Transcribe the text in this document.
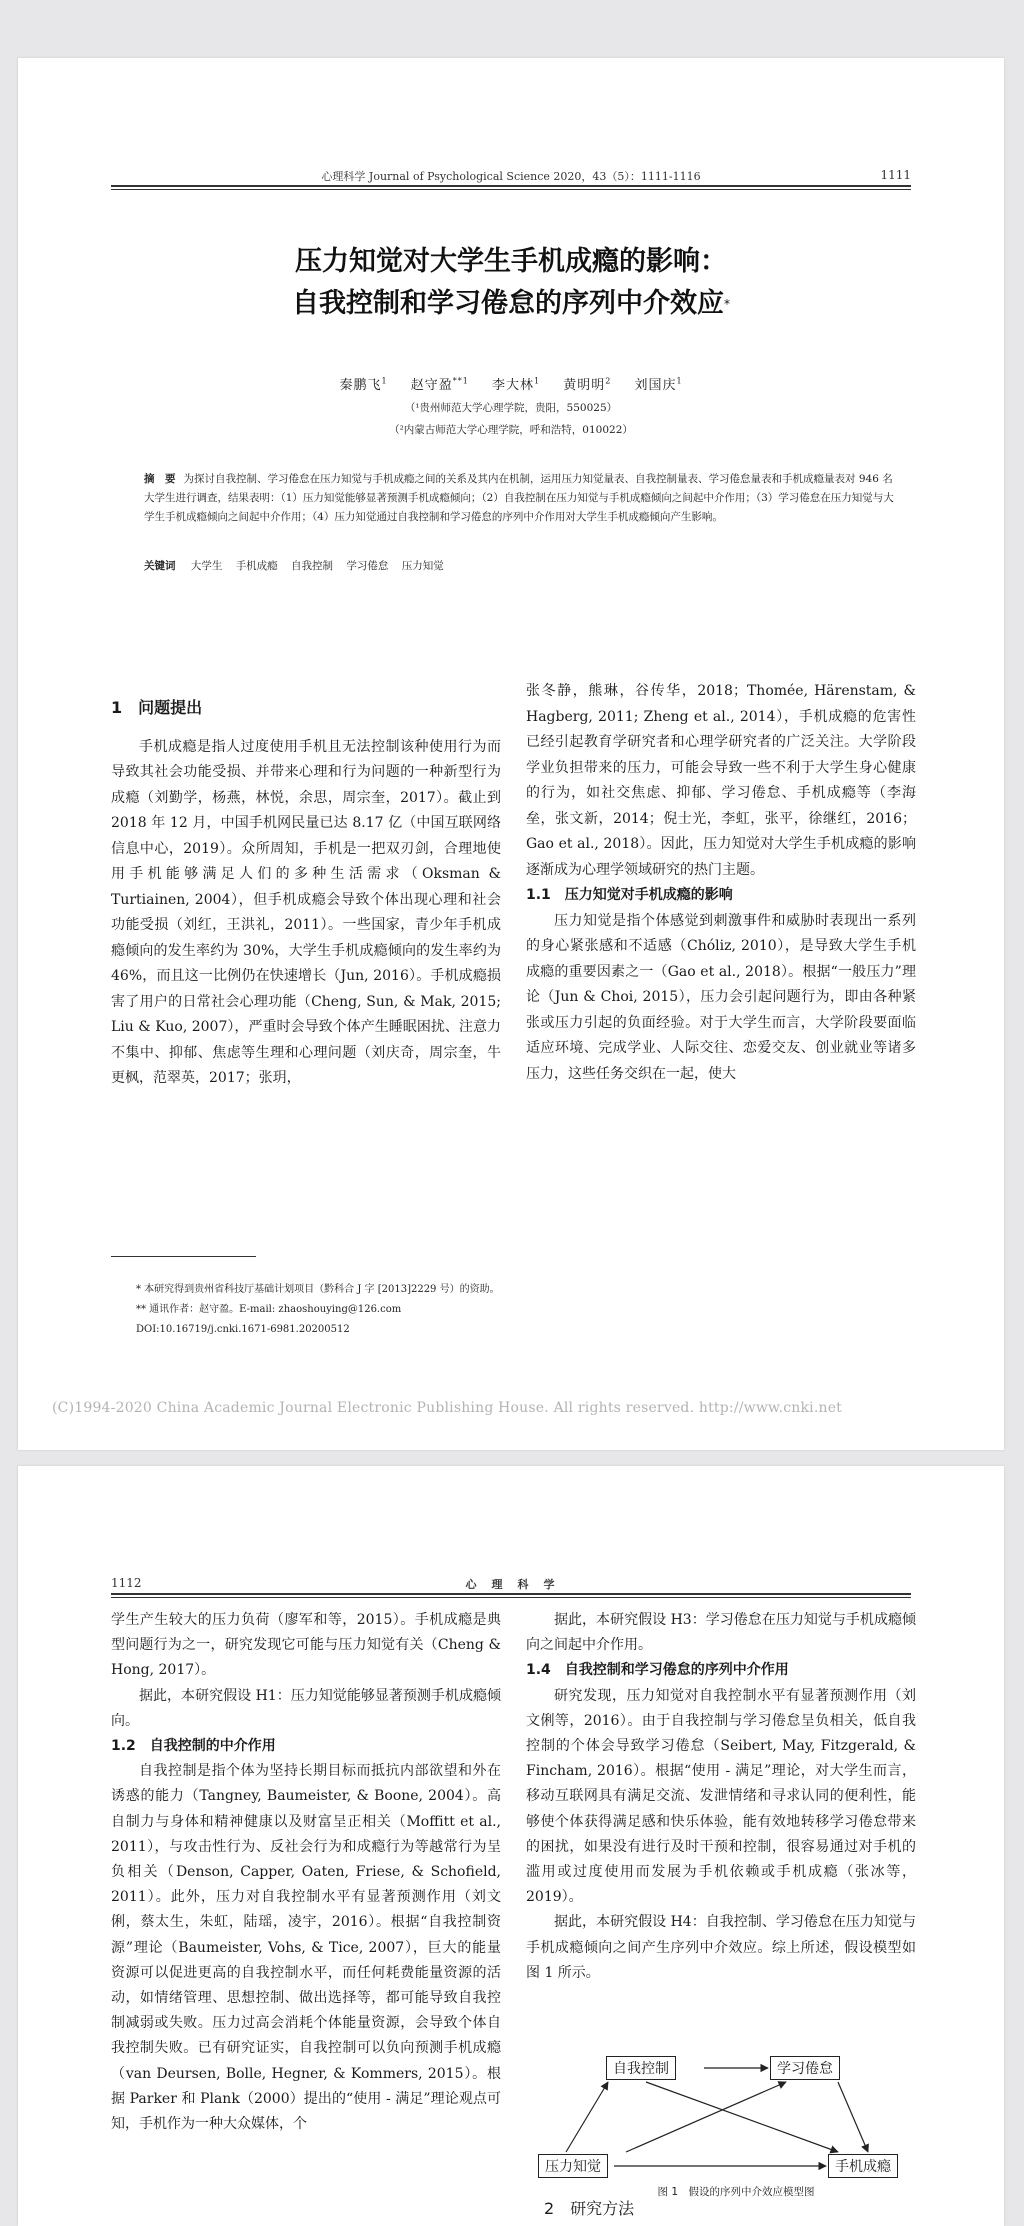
心理科学 Journal of Psychological Science 2020，43（5）：1111-1116	1111
压力知觉对大学生手机成瘾的影响：
自我控制和学习倦怠的序列中介效应*
秦鹏飞$^1$ 赵守盈$^{**1}$ 李大林$^1$ 黄明明$^2$ 刘国庆$^1$
（¹贵州师范大学心理学院，贵阳，550025）
（²内蒙古师范大学心理学院，呼和浩特，010022）
摘　要 为探讨自我控制、学习倦怠在压力知觉与手机成瘾之间的关系及其内在机制，运用压力知觉量表、自我控制量表、学习倦怠量表和手机成瘾量表对 946 名大学生进行调查，结果表明：（1）压力知觉能够显著预测手机成瘾倾向；（2）自我控制在压力知觉与手机成瘾倾向之间起中介作用；（3）学习倦怠在压力知觉与大学生手机成瘾倾向之间起中介作用；（4）压力知觉通过自我控制和学习倦怠的序列中介作用对大学生手机成瘾倾向产生影响。
关键词 大学生 手机成瘾 自我控制 学习倦怠 压力知觉
1　问题提出

手机成瘾是指人过度使用手机且无法控制该种使用行为而导致其社会功能受损、并带来心理和行为问题的一种新型行为成瘾（刘勤学，杨燕，林悦，余思，周宗奎，2017）。截止到 2018 年 12 月，中国手机网民量已达 8.17 亿（中国互联网络信息中心，2019）。众所周知，手机是一把双刃剑，合理地使用手机能够满足人们的多种生活需求（Oksman & Turtiainen, 2004），但手机成瘾会导致个体出现心理和社会功能受损（刘红，王洪礼，2011）。一些国家，青少年手机成瘾倾向的发生率约为 30%，大学生手机成瘾倾向的发生率约为 46%，而且这一比例仍在快速增长（Jun, 2016）。手机成瘾损害了用户的日常社会心理功能（Cheng, Sun, & Mak, 2015; Liu & Kuo, 2007），严重时会导致个体产生睡眠困扰、注意力不集中、抑郁、焦虑等生理和心理问题（刘庆奇，周宗奎，牛更枫，范翠英，2017；张玥，

张冬静，熊琳，谷传华，2018；Thomée, Härenstam, & Hagberg, 2011; Zheng et al., 2014），手机成瘾的危害性已经引起教育学研究者和心理学研究者的广泛关注。大学阶段学业负担带来的压力，可能会导致一些不利于大学生身心健康的行为，如社交焦虑、抑郁、学习倦怠、手机成瘾等（李海垒，张文新，2014；倪士光，李虹，张平，徐继红，2016；Gao et al., 2018）。因此，压力知觉对大学生手机成瘾的影响逐渐成为心理学领域研究的热门主题。

1.1　压力知觉对手机成瘾的影响

压力知觉是指个体感觉到刺激事件和威胁时表现出一系列的身心紧张感和不适感（Chóliz, 2010），是导致大学生手机成瘾的重要因素之一（Gao et al., 2018）。根据“一般压力”理论（Jun & Choi, 2015），压力会引起问题行为，即由各种紧张或压力引起的负面经验。对于大学生而言，大学阶段要面临适应环境、完成学业、人际交往、恋爱交友、创业就业等诸多压力，这些任务交织在一起，使大

* 本研究得到贵州省科技厅基础计划项目（黔科合 J 字 [2013]2229 号）的资助。
** 通讯作者：赵守盈。E-mail: zhaoshouying@126.com
DOI:10.16719/j.cnki.1671-6981.20200512
(C)1994-2020 China Academic Journal Electronic Publishing House. All rights reserved. http://www.cnki.net
1112	心　理　科　学

学生产生较大的压力负荷（廖军和等，2015）。手机成瘾是典型问题行为之一，研究发现它可能与压力知觉有关（Cheng & Hong, 2017）。

据此，本研究假设 H1：压力知觉能够显著预测手机成瘾倾向。

1.2　自我控制的中介作用

自我控制是指个体为坚持长期目标而抵抗内部欲望和外在诱惑的能力（Tangney, Baumeister, & Boone, 2004）。高自制力与身体和精神健康以及财富呈正相关（Moffitt et al., 2011），与攻击性行为、反社会行为和成瘾行为等越常行为呈负相关（Denson, Capper, Oaten, Friese, & Schofield, 2011）。此外，压力对自我控制水平有显著预测作用（刘文俐，蔡太生，朱虹，陆瑶，凌宇，2016）。根据“自我控制资源”理论（Baumeister, Vohs, & Tice, 2007），巨大的能量资源可以促进更高的自我控制水平，而任何耗费能量资源的活动，如情绪管理、思想控制、做出选择等，都可能导致自我控制减弱或失败。压力过高会消耗个体能量资源，会导致个体自我控制失败。已有研究证实，自我控制可以负向预测手机成瘾（van Deursen, Bolle, Hegner, & Kommers, 2015）。根据 Parker 和 Plank（2000）提出的“使用 - 满足”理论观点可知，手机作为一种大众媒体，个

据此，本研究假设 H3：学习倦怠在压力知觉与手机成瘾倾向之间起中介作用。

1.4　自我控制和学习倦怠的序列中介作用

研究发现，压力知觉对自我控制水平有显著预测作用（刘文俐等，2016）。由于自我控制与学习倦怠呈负相关，低自我控制的个体会导致学习倦怠（Seibert, May, Fitzgerald, & Fincham, 2016）。根据“使用 - 满足”理论，对大学生而言，移动互联网具有满足交流、发泄情绪和寻求认同的便利性，能够使个体获得满足感和快乐体验，能有效地转移学习倦怠带来的困扰，如果没有进行及时干预和控制，很容易通过对手机的滥用或过度使用而发展为手机依赖或手机成瘾（张冰等，2019）。

据此，本研究假设 H4：自我控制、学习倦怠在压力知觉与手机成瘾倾向之间产生序列中介效应。综上所述，假设模型如图 1 所示。

自我控制	学习倦怠
压力知觉	手机成瘾
图 1　假设的序列中介效应模型图
2　研究方法
